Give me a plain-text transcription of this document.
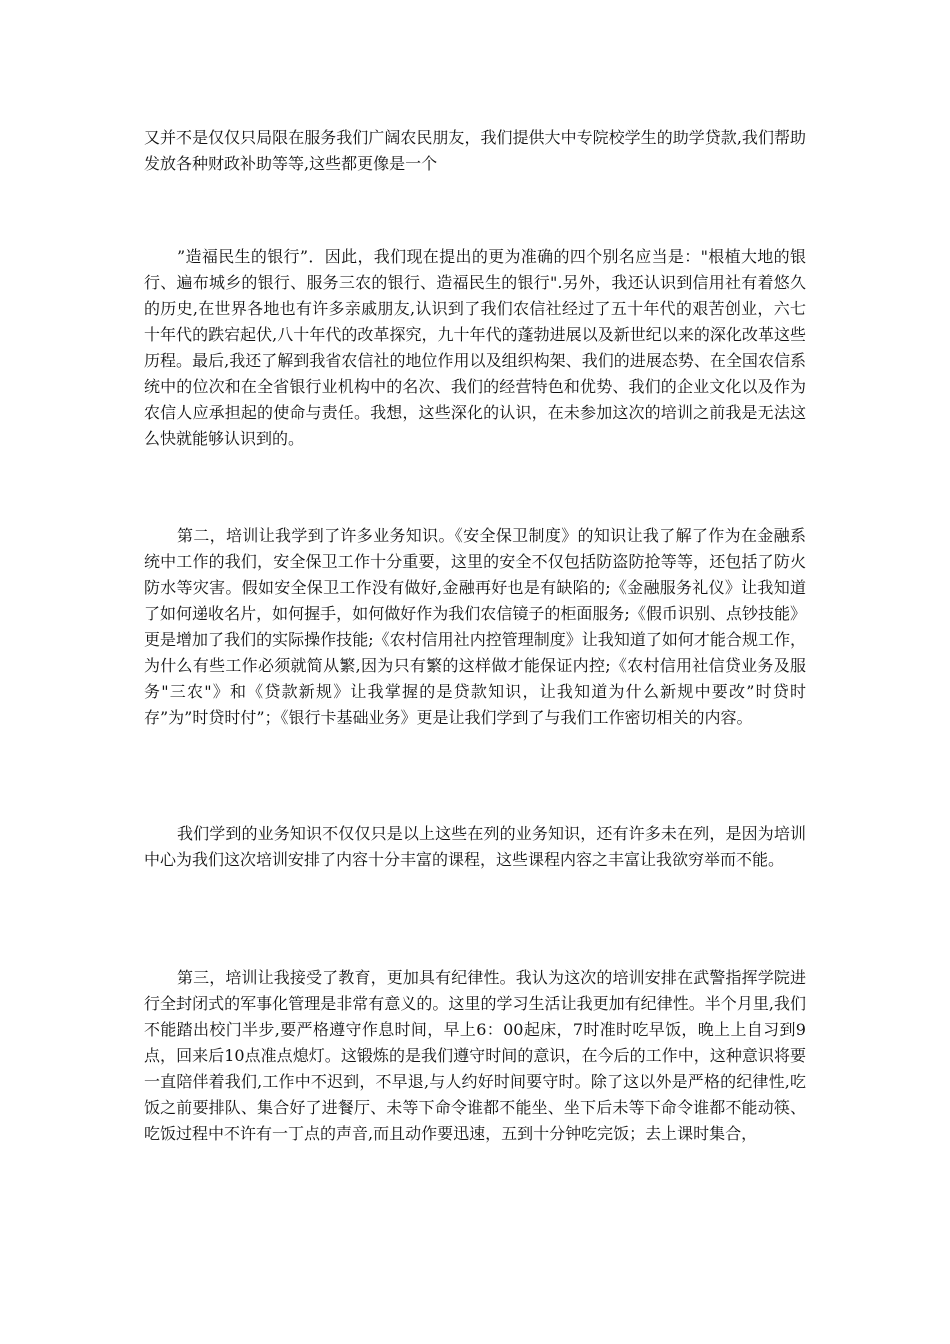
又并不是仅仅只局限在服务我们广阔农民朋友，我们提供大中专院校学生的助学贷款,我们帮助发放各种财政补助等等,这些都更像是一个

”造福民生的银行”．因此，我们现在提出的更为准确的四个别名应当是："根植大地的银行、遍布城乡的银行、服务三农的银行、造福民生的银行".另外，我还认识到信用社有着悠久的历史,在世界各地也有许多亲戚朋友,认识到了我们农信社经过了五十年代的艰苦创业，六七十年代的跌宕起伏,八十年代的改革探究，九十年代的蓬勃进展以及新世纪以来的深化改革这些历程。最后,我还了解到我省农信社的地位作用以及组织构架、我们的进展态势、在全国农信系统中的位次和在全省银行业机构中的名次、我们的经营特色和优势、我们的企业文化以及作为农信人应承担起的使命与责任。我想，这些深化的认识，在未参加这次的培训之前我是无法这么快就能够认识到的。

第二，培训让我学到了许多业务知识。《安全保卫制度》的知识让我了解了作为在金融系统中工作的我们，安全保卫工作十分重要，这里的安全不仅包括防盗防抢等等，还包括了防火防水等灾害。假如安全保卫工作没有做好,金融再好也是有缺陷的;《金融服务礼仪》让我知道了如何递收名片，如何握手，如何做好作为我们农信镜子的柜面服务;《假币识别、点钞技能》更是增加了我们的实际操作技能;《农村信用社内控管理制度》让我知道了如何才能合规工作，为什么有些工作必须就简从繁,因为只有繁的这样做才能保证内控;《农村信用社信贷业务及服务"三农"》和《贷款新规》让我掌握的是贷款知识，让我知道为什么新规中要改”时贷时存”为”时贷时付”；《银行卡基础业务》更是让我们学到了与我们工作密切相关的内容。

我们学到的业务知识不仅仅只是以上这些在列的业务知识，还有许多未在列，是因为培训中心为我们这次培训安排了内容十分丰富的课程，这些课程内容之丰富让我欲穷举而不能。

第三，培训让我接受了教育，更加具有纪律性。我认为这次的培训安排在武警指挥学院进行全封闭式的军事化管理是非常有意义的。这里的学习生活让我更加有纪律性。半个月里,我们不能踏出校门半步,要严格遵守作息时间，早上6：00起床，7时准时吃早饭，晚上上自习到9点，回来后10点准点熄灯。这锻炼的是我们遵守时间的意识，在今后的工作中，这种意识将要一直陪伴着我们,工作中不迟到，不早退,与人约好时间要守时。除了这以外是严格的纪律性,吃饭之前要排队、集合好了进餐厅、未等下命令谁都不能坐、坐下后未等下命令谁都不能动筷、吃饭过程中不许有一丁点的声音,而且动作要迅速，五到十分钟吃完饭；去上课时集合，
